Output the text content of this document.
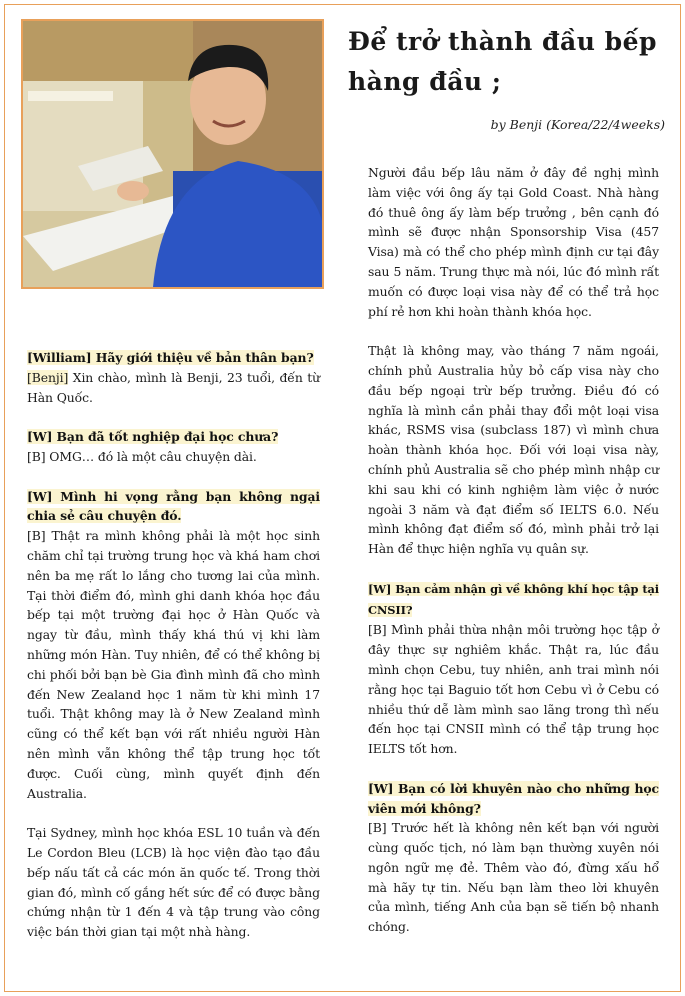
Để trở thành đầu bếp hàng đầu ;
by Benji (Korea/22/4weeks)

[William] Hãy giới thiệu về bản thân bạn?
[Benji] Xin chào, mình là Benji, 23 tuổi, đến từ Hàn Quốc.

[W] Bạn đã tốt nghiệp đại học chưa?
[B] OMG… đó là một câu chuyện dài.

[W] Mình hi vọng rằng bạn không ngại chia sẻ câu chuyện đó.
[B] Thật ra mình không phải là một học sinh chăm chỉ tại trường trung học và khá ham chơi nên ba mẹ rất lo lắng cho tương lai của mình. Tại thời điểm đó, mình ghi danh khóa học đầu bếp tại một trường đại học ở Hàn Quốc và ngay từ đầu, mình thấy khá thú vị khi làm những món Hàn. Tuy nhiên, để có thể không bị chi phối bởi bạn bè Gia đình mình đã cho mình đến New Zealand học 1 năm từ khi mình 17 tuổi. Thật không may là ở New Zealand mình cũng có thể kết bạn với rất nhiều người Hàn nên mình vẫn không thể tập trung học tốt được. Cuối cùng, mình quyết định đến Australia.

Tại Sydney, mình học khóa ESL 10 tuần và đến Le Cordon Bleu (LCB) là học viện đào tạo đầu bếp nấu tất cả các món ăn quốc tế. Trong thời gian đó, mình cố gắng hết sức để có được bằng chứng nhận từ 1 đến 4 và tập trung vào công việc bán thời gian tại một nhà hàng.

Người đầu bếp lâu năm ở đây đề nghị mình làm việc với ông ấy tại Gold Coast. Nhà hàng đó thuê ông ấy làm bếp trưởng , bên cạnh đó mình sẽ được nhận Sponsorship Visa (457 Visa) mà có thể cho phép mình định cư tại đây sau 5 năm. Trung thực mà nói, lúc đó mình rất muốn có được loại visa này để có thể trả học phí rẻ hơn khi hoàn thành khóa học.

Thật là không may, vào tháng 7 năm ngoái, chính phủ Australia hủy bỏ cấp visa này cho đầu bếp ngoại trừ bếp trưởng. Điều đó có nghĩa là mình cần phải thay đổi một loại visa khác, RSMS visa (subclass 187) vì mình chưa hoàn thành khóa học. Đối với loại visa này, chính phủ Australia sẽ cho phép mình nhập cư khi sau khi có kinh nghiệm làm việc ở nước ngoài 3 năm và đạt điểm số IELTS 6.0. Nếu mình không đạt điểm số đó, mình phải trở lại Hàn để thực hiện nghĩa vụ quân sự.

[W] Bạn cảm nhận gì về không khí học tập tại CNSII?
[B] Mình phải thừa nhận môi trường học tập ở đây thực sự nghiêm khắc. Thật ra, lúc đầu mình chọn Cebu, tuy nhiên, anh trai mình nói rằng học tại Baguio tốt hơn Cebu vì ở Cebu có nhiều thứ dễ làm mình sao lãng trong thì nếu đến học tại CNSII mình có thể tập trung học IELTS tốt hơn.

[W] Bạn có lời khuyên nào cho những học viên mới không?
[B] Trước hết là không nên kết bạn với người cùng quốc tịch, nó làm bạn thường xuyên nói ngôn ngữ mẹ đẻ. Thêm vào đó, đừng xấu hổ mà hãy tự tin. Nếu bạn làm theo lời khuyên của mình, tiếng Anh của bạn sẽ tiến bộ nhanh chóng.
